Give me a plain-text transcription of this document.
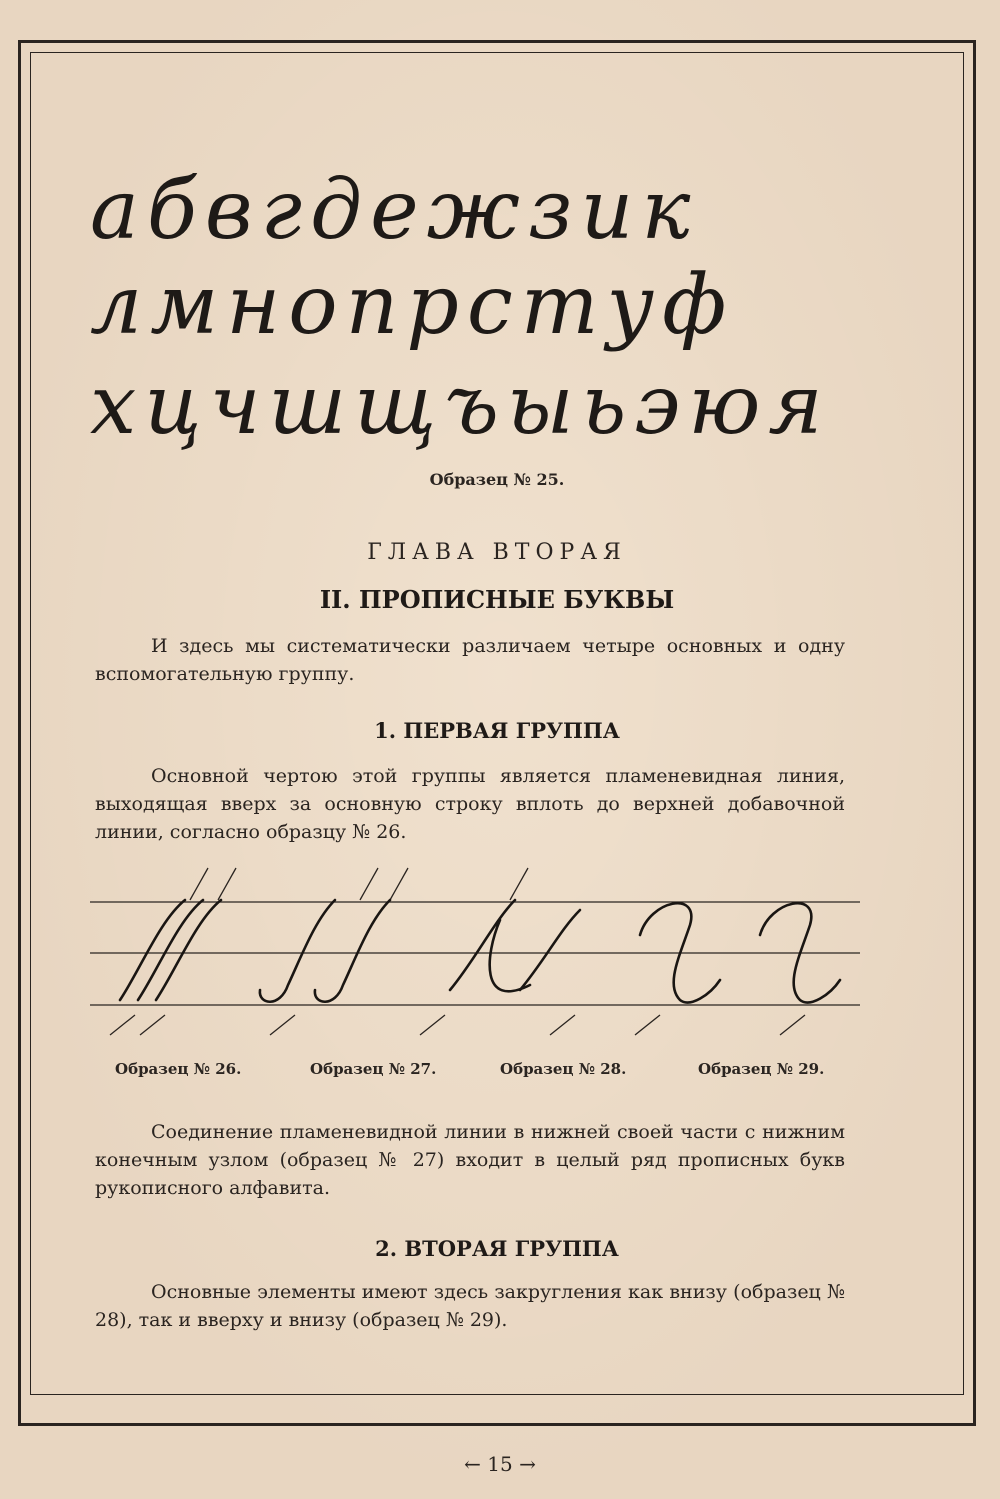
абвгдежзик
лмнопрстуф
хцчшщъыьэюя
Образец № 25.
ГЛАВА ВТОРАЯ
II. ПРОПИСНЫЕ БУКВЫ

И здесь мы систематически различаем четыре основных и одну вспомогательную группу.

1. ПЕРВАЯ ГРУППА

Основной чертою этой группы является пламеневидная линия, выходящая вверх за основную строку вплоть до верхней добавочной линии, согласно образцу № 26.

Образец № 26.	Образец № 27.	Образец № 28.	Образец № 29.

Соединение пламеневидной линии в нижней своей части с нижним конечным узлом (образец № 27) входит в целый ряд прописных букв рукописного алфавита.

2. ВТОРАЯ ГРУППА

Основные элементы имеют здесь закругления как внизу (образец № 28), так и вверху и внизу (образец № 29).

← 15 →
